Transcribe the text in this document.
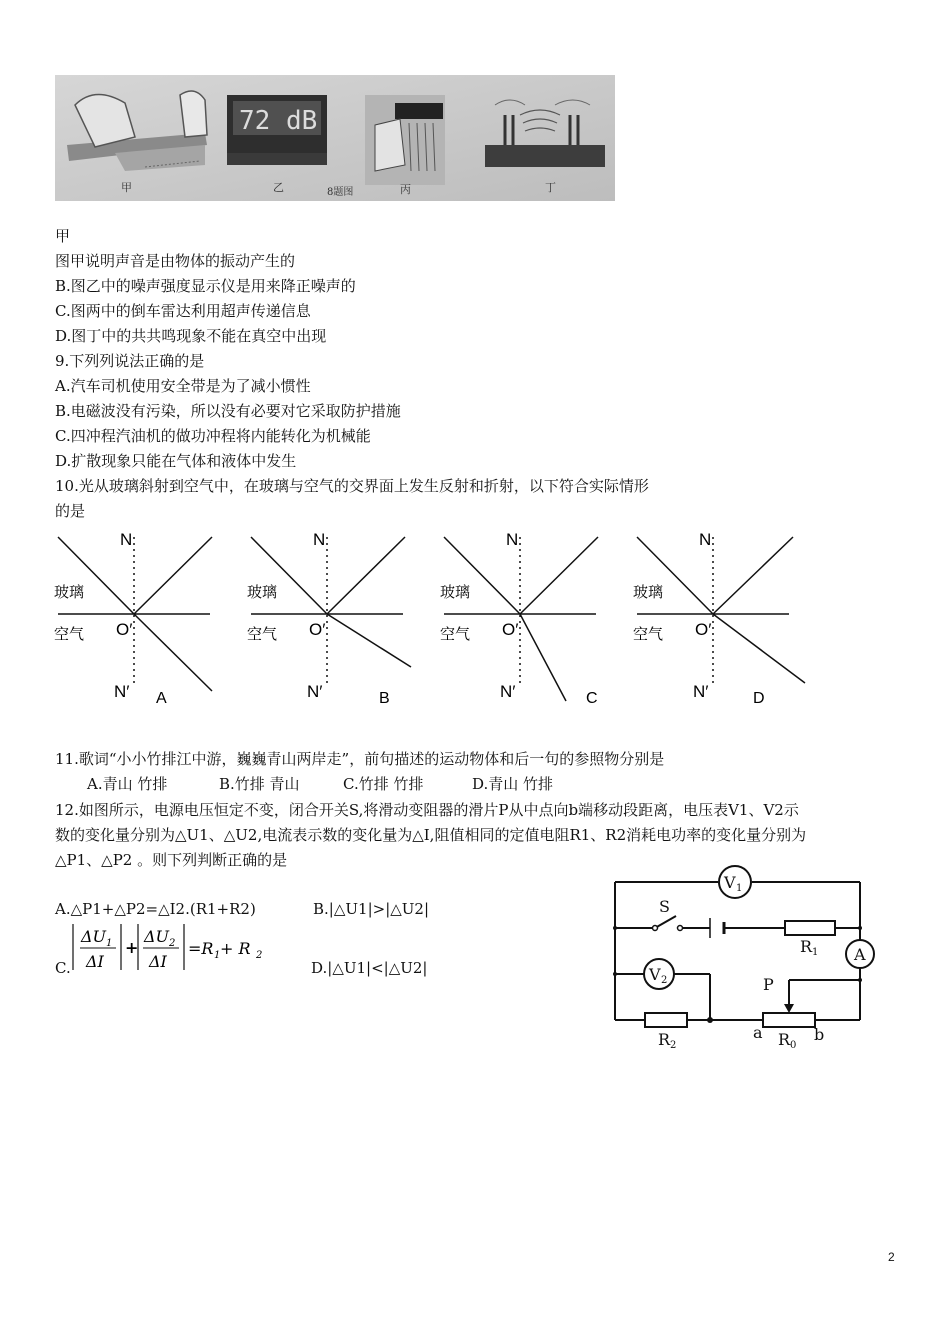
72 dB
甲	乙	丙	丁
8题图
甲
图甲说明声音是由物体的振动产生的
B.图乙中的噪声强度显示仪是用来降正噪声的
C.图两中的倒车雷达利用超声传递信息
D.图丁中的共共鸣现象不能在真空中出现
9.下列列说法正确的是
A.汽车司机使用安全带是为了减小惯性
B.电磁波没有污染，所以没有必要对它采取防护措施
C.四冲程汽油机的做功冲程将内能转化为机械能
D.扩散现象只能在气体和液体中发生
10.光从玻璃斜射到空气中，在玻璃与空气的交界面上发生反射和折射，以下符合实际情形
的是
N
玻璃
空气 O′
N′ A
N
玻璃
空气 O′
N′	B
N
玻璃
空气 O′
N′	C
N
玻璃
空气 O′
N′	D
11.歌词“小小竹排江中游，巍巍青山两岸走”，前句描述的运动物体和后一句的参照物分别是
A.青山 竹排	B.竹排 青山	C.竹排 竹排	D.青山 竹排
12.如图所示，电源电压恒定不变，闭合开关S,将滑动变阻器的滑片P从中点向b端移动段距离，电压表V1、V2示
数的变化量分别为△U1、△U2,电流表示数的变化量为△I,阻值相同的定值电阻R1、R2消耗电功率的变化量分别为
△P1、△P2 。则下列判断正确的是
A.△P1+△P2=△I2.(R1+R2)	B.|△U1|>|△U2|
C.
ΔU 1
ΔI
+
ΔU 2
ΔI
=R 1 + R 2
D.|△U1|<|△U2|
V 1
V 2
A
S
R 1
R 2	R 0
P
a	b
2
